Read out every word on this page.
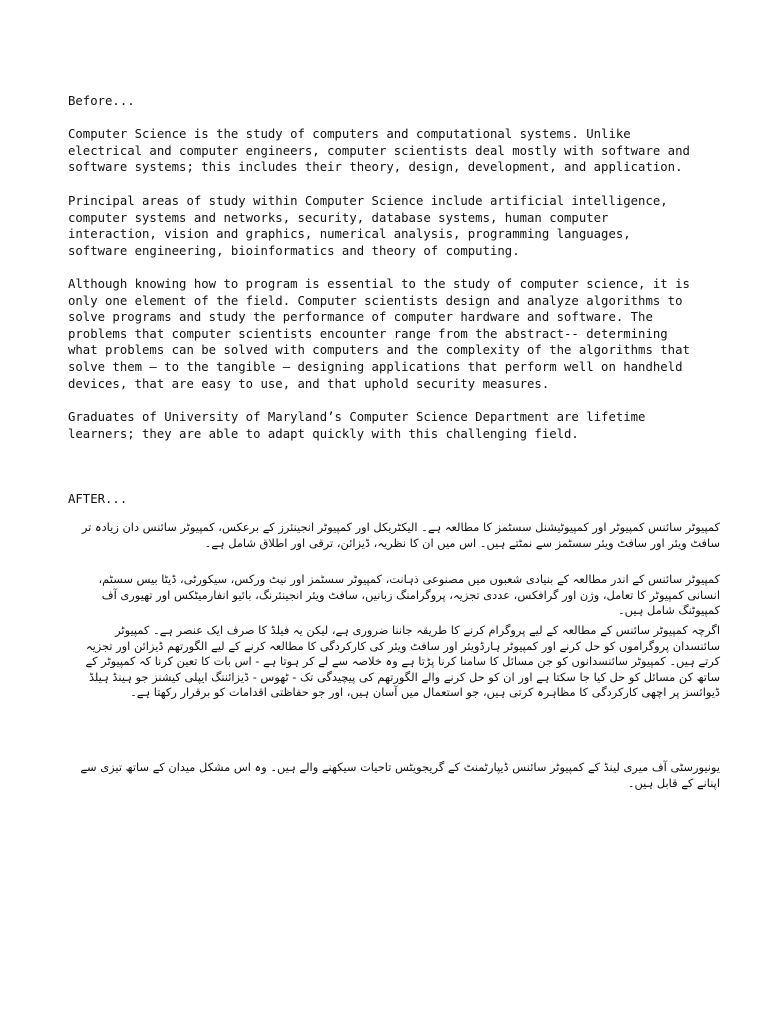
Before...

Computer Science is the study of computers and computational systems. Unlike
electrical and computer engineers, computer scientists deal mostly with software and
software systems; this includes their theory, design, development, and application.

Principal areas of study within Computer Science include artificial intelligence,
computer systems and networks, security, database systems, human computer
interaction, vision and graphics, numerical analysis, programming languages,
software engineering, bioinformatics and theory of computing.

Although knowing how to program is essential to the study of computer science, it is
only one element of the field. Computer scientists design and analyze algorithms to
solve programs and study the performance of computer hardware and software. The
problems that computer scientists encounter range from the abstract-- determining
what problems can be solved with computers and the complexity of the algorithms that
solve them – to the tangible – designing applications that perform well on handheld
devices, that are easy to use, and that uphold security measures.

Graduates of University of Maryland’s Computer Science Department are lifetime
learners; they are able to adapt quickly with this challenging field.

AFTER...

کمپیوٹر سائنس کمپیوٹر اور کمپیوٹیشنل سسٹمز کا مطالعہ ہے۔ الیکٹریکل اور کمپیوٹر انجینئرز کے برعکس، کمپیوٹر سائنس دان زیادہ تر سافٹ ویئر اور سافٹ ویئر سسٹمز سے نمٹتے ہیں۔ اس میں ان کا نظریہ، ڈیزائن، ترقی اور اطلاق شامل ہے۔

کمپیوٹر سائنس کے اندر مطالعہ کے بنیادی شعبوں میں مصنوعی ذہانت، کمپیوٹر سسٹمز اور نیٹ ورکس، سیکورٹی، ڈیٹا بیس سسٹم، انسانی کمپیوٹر کا تعامل، وژن اور گرافکس، عددی تجزیہ، پروگرامنگ زبانیں، سافٹ ویئر انجینئرنگ، بائیو انفارمیٹکس اور تھیوری آف کمپیوٹنگ شامل ہیں۔

اگرچہ کمپیوٹر سائنس کے مطالعہ کے لیے پروگرام کرنے کا طریقہ جاننا ضروری ہے، لیکن یہ فیلڈ کا صرف ایک عنصر ہے۔ کمپیوٹر سائنسدان پروگراموں کو حل کرنے اور کمپیوٹر ہارڈویئر اور سافٹ ویئر کی کارکردگی کا مطالعہ کرنے کے لیے الگورتھم ڈیزائن اور تجزیہ کرتے ہیں۔ کمپیوٹر سائنسدانوں کو جن مسائل کا سامنا کرنا پڑتا ہے وہ خلاصہ سے لے کر ہوتا ہے - اس بات کا تعین کرنا کہ کمپیوٹر کے ساتھ کن مسائل کو حل کیا جا سکتا ہے اور ان کو حل کرنے والے الگورتھم کی پیچیدگی تک - ٹھوس - ڈیزائننگ ایپلی کیشنز جو ہینڈ ہیلڈ ڈیوائسز پر اچھی کارکردگی کا مظاہرہ کرتی ہیں، جو استعمال میں آسان ہیں، اور جو حفاظتی اقدامات کو برقرار رکھتا ہے۔

یونیورسٹی آف میری لینڈ کے کمپیوٹر سائنس ڈیپارٹمنٹ کے گریجویٹس تاحیات سیکھنے والے ہیں۔ وہ اس مشکل میدان کے ساتھ تیزی سے اپنانے کے قابل ہیں۔
